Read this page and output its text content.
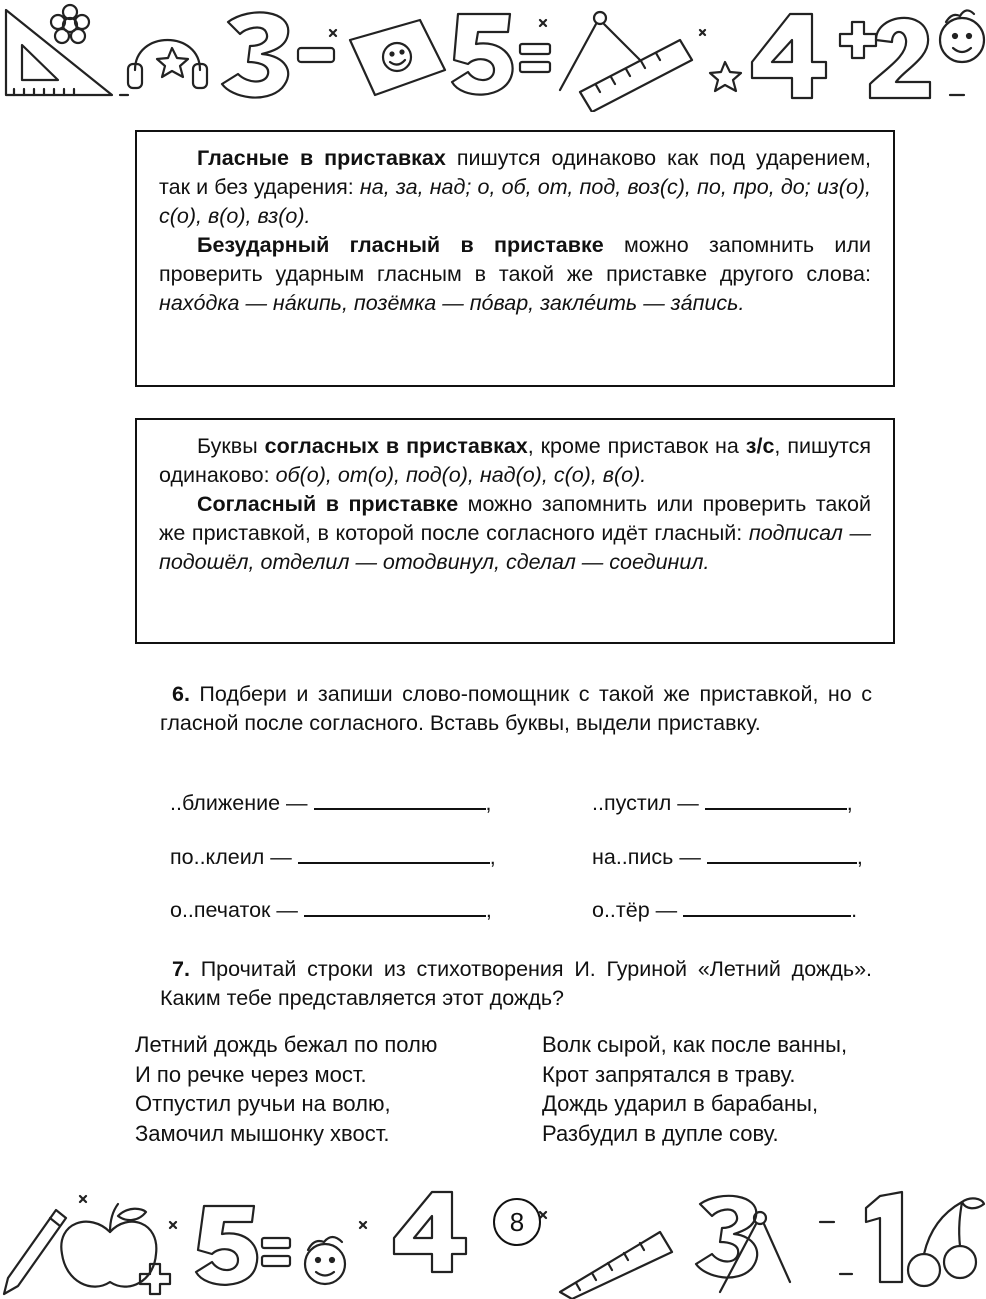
Гласные в приставках пишутся одинаково как под ударением, так и без ударения: на, за, над; о, об, от, под, воз(с), по, про, до; из(о), с(о), в(о), вз(о).

Безударный гласный в приставке можно запомнить или проверить ударным гласным в такой же приставке другого слова: нахóдка — нáкипь, позёмка — пóвар, заклéить — зáпись.

Буквы согласных в приставках, кроме приставок на з/с, пишутся одинаково: об(о), от(о), под(о), над(о), с(о), в(о).

Согласный в приставке можно запомнить или проверить такой же приставкой, в которой после согласного идёт гласный: подписал — подошёл, отделил — отодвинул, сделал — соединил.

6. Подбери и запиши слово-помощник с такой же приставкой, но с гласной после согласного. Вставь буквы, выдели приставку.

..ближение —	,	..пустил —	,
по..клеил —	,	на..пись —	,
о..печаток —	,	о..тёр —	.

7. Прочитай строки из стихотворения И. Гуриной «Летний дождь». Каким тебе представляется этот дождь?

Летний дождь бежал по полю
И по речке через мост.
Отпустил ручьи на волю,
Замочил мышонку хвост.
Волк сырой, как после ванны,
Крот запрятался в траву.
Дождь ударил в барабаны,
Разбудил в дупле сову.
8
